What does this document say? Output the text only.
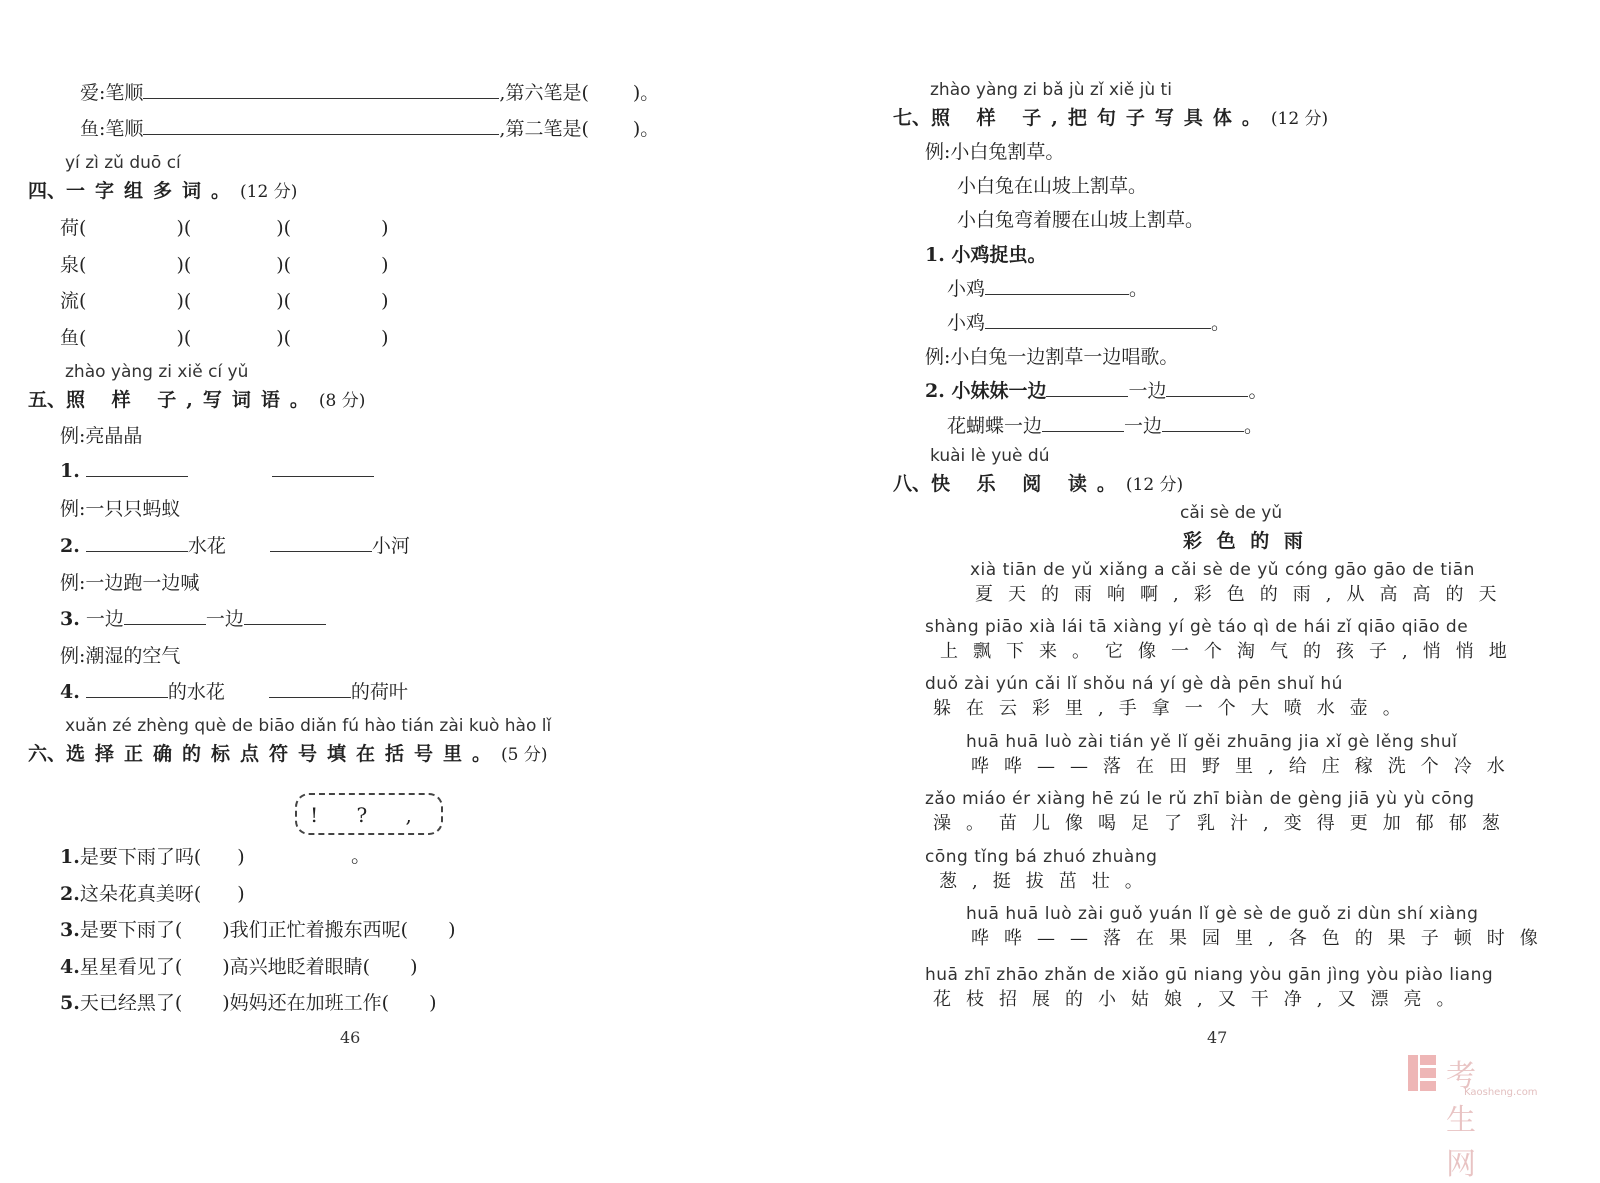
爱:笔顺	,第六笔是( )。
鱼:笔顺	,第二笔是( )。
yí zì zǔ duō cí
四、一字组多词。(12 分)
荷(	)(	)(	)
泉(	)(	)(	)
流(	)(	)(	)
鱼(	)(	)(	)
zhào yàng zi xiě cí yǔ
五、照 样 子,写词语。(8 分)
例:亮晶晶
1.
例:一只只蚂蚁
2.	水花	小河
例:一边跑一边喊
3. 一边	一边
例:潮湿的空气
4.	的水花	的荷叶
xuǎn zé zhèng què de biāo diǎn fú hào tián zài kuò hào lǐ
六、选择正确的标点符号填在括号里。(5 分)
! ? , 。
1.是要下雨了吗( )
2.这朵花真美呀( )
3.是要下雨了( )我们正忙着搬东西呢( )
4.星星看见了( )高兴地眨着眼睛( )
5.天已经黑了( )妈妈还在加班工作( )
46
zhào yàng zi bǎ jù zǐ xiě jù ti
七、照 样 子,把句子写具体。(12 分)
例:小白兔割草。
小白兔在山坡上割草。
小白兔弯着腰在山坡上割草。
1. 小鸡捉虫。
小鸡	。
小鸡	。
例:小白兔一边割草一边唱歌。
2. 小妹妹一边	一边	。
花蝴蝶一边	一边	。
kuài lè yuè dú
八、快 乐 阅 读。(12 分)
cǎi sè de yǔ
彩 色 的 雨
xià tiān de yǔ xiǎng a cǎi sè de yǔ cóng gāo gāo de tiān
夏天的雨响啊,彩色的雨,从高高的天
shàng piāo xià lái tā xiàng yí gè táo qì de hái zǐ qiāo qiāo de
上飘下来。它像一个淘气的孩子,悄悄地
duǒ zài yún cǎi lǐ shǒu ná yí gè dà pēn shuǐ hú
躲在云彩里,手拿一个大喷水壶。
huā huā luò zài tián yě lǐ gěi zhuāng jia xǐ gè lěng shuǐ
哗哗——落在田野里,给庄稼洗个冷水
zǎo miáo ér xiàng hē zú le rǔ zhī biàn de gèng jiā yù yù cōng
澡。苗儿像喝足了乳汁,变得更加郁郁葱
cōng tǐng bá zhuó zhuàng
葱,挺拔茁壮。
huā huā luò zài guǒ yuán lǐ gè sè de guǒ zi dùn shí xiàng
哗哗——落在果园里,各色的果子顿时像
huā zhī zhāo zhǎn de xiǎo gū niang yòu gān jìng yòu piào liang
花枝招展的小姑娘,又干净,又漂亮。
47
考生网
Kaosheng.com
